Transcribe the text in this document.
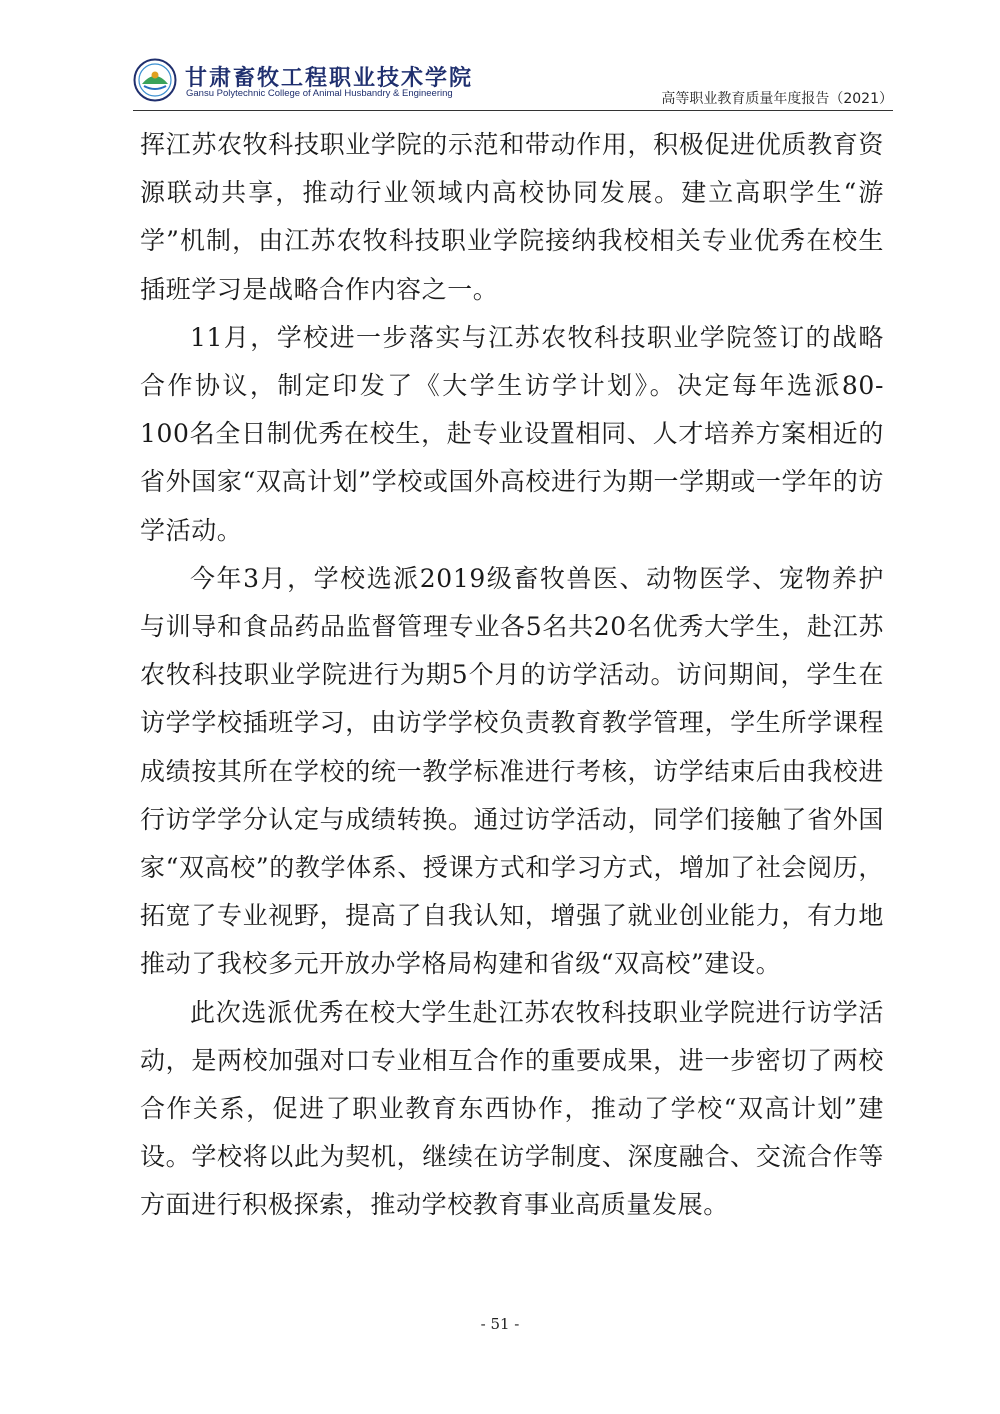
甘肃畜牧工程职业技术学院
Gansu Polytechnic College of Animal Husbandry & Engineering	高等职业教育质量年度报告（2021）

挥江苏农牧科技职业学院的示范和带动作用，积极促进优质教育资源联动共享，推动行业领域内高校协同发展。建立高职学生“游学”机制，由江苏农牧科技职业学院接纳我校相关专业优秀在校生插班学习是战略合作内容之一。

11月，学校进一步落实与江苏农牧科技职业学院签订的战略合作协议，制定印发了《大学生访学计划》。决定每年选派80-100名全日制优秀在校生，赴专业设置相同、人才培养方案相近的省外国家“双高计划”学校或国外高校进行为期一学期或一学年的访学活动。

今年3月，学校选派2019级畜牧兽医、动物医学、宠物养护与训导和食品药品监督管理专业各5名共20名优秀大学生，赴江苏农牧科技职业学院进行为期5个月的访学活动。访问期间，学生在访学学校插班学习，由访学学校负责教育教学管理，学生所学课程成绩按其所在学校的统一教学标准进行考核，访学结束后由我校进行访学学分认定与成绩转换。通过访学活动，同学们接触了省外国家“双高校”的教学体系、授课方式和学习方式，增加了社会阅历，拓宽了专业视野，提高了自我认知，增强了就业创业能力，有力地推动了我校多元开放办学格局构建和省级“双高校”建设。

此次选派优秀在校大学生赴江苏农牧科技职业学院进行访学活动，是两校加强对口专业相互合作的重要成果，进一步密切了两校合作关系，促进了职业教育东西协作，推动了学校“双高计划”建设。学校将以此为契机，继续在访学制度、深度融合、交流合作等方面进行积极探索，推动学校教育事业高质量发展。

- 51 -
